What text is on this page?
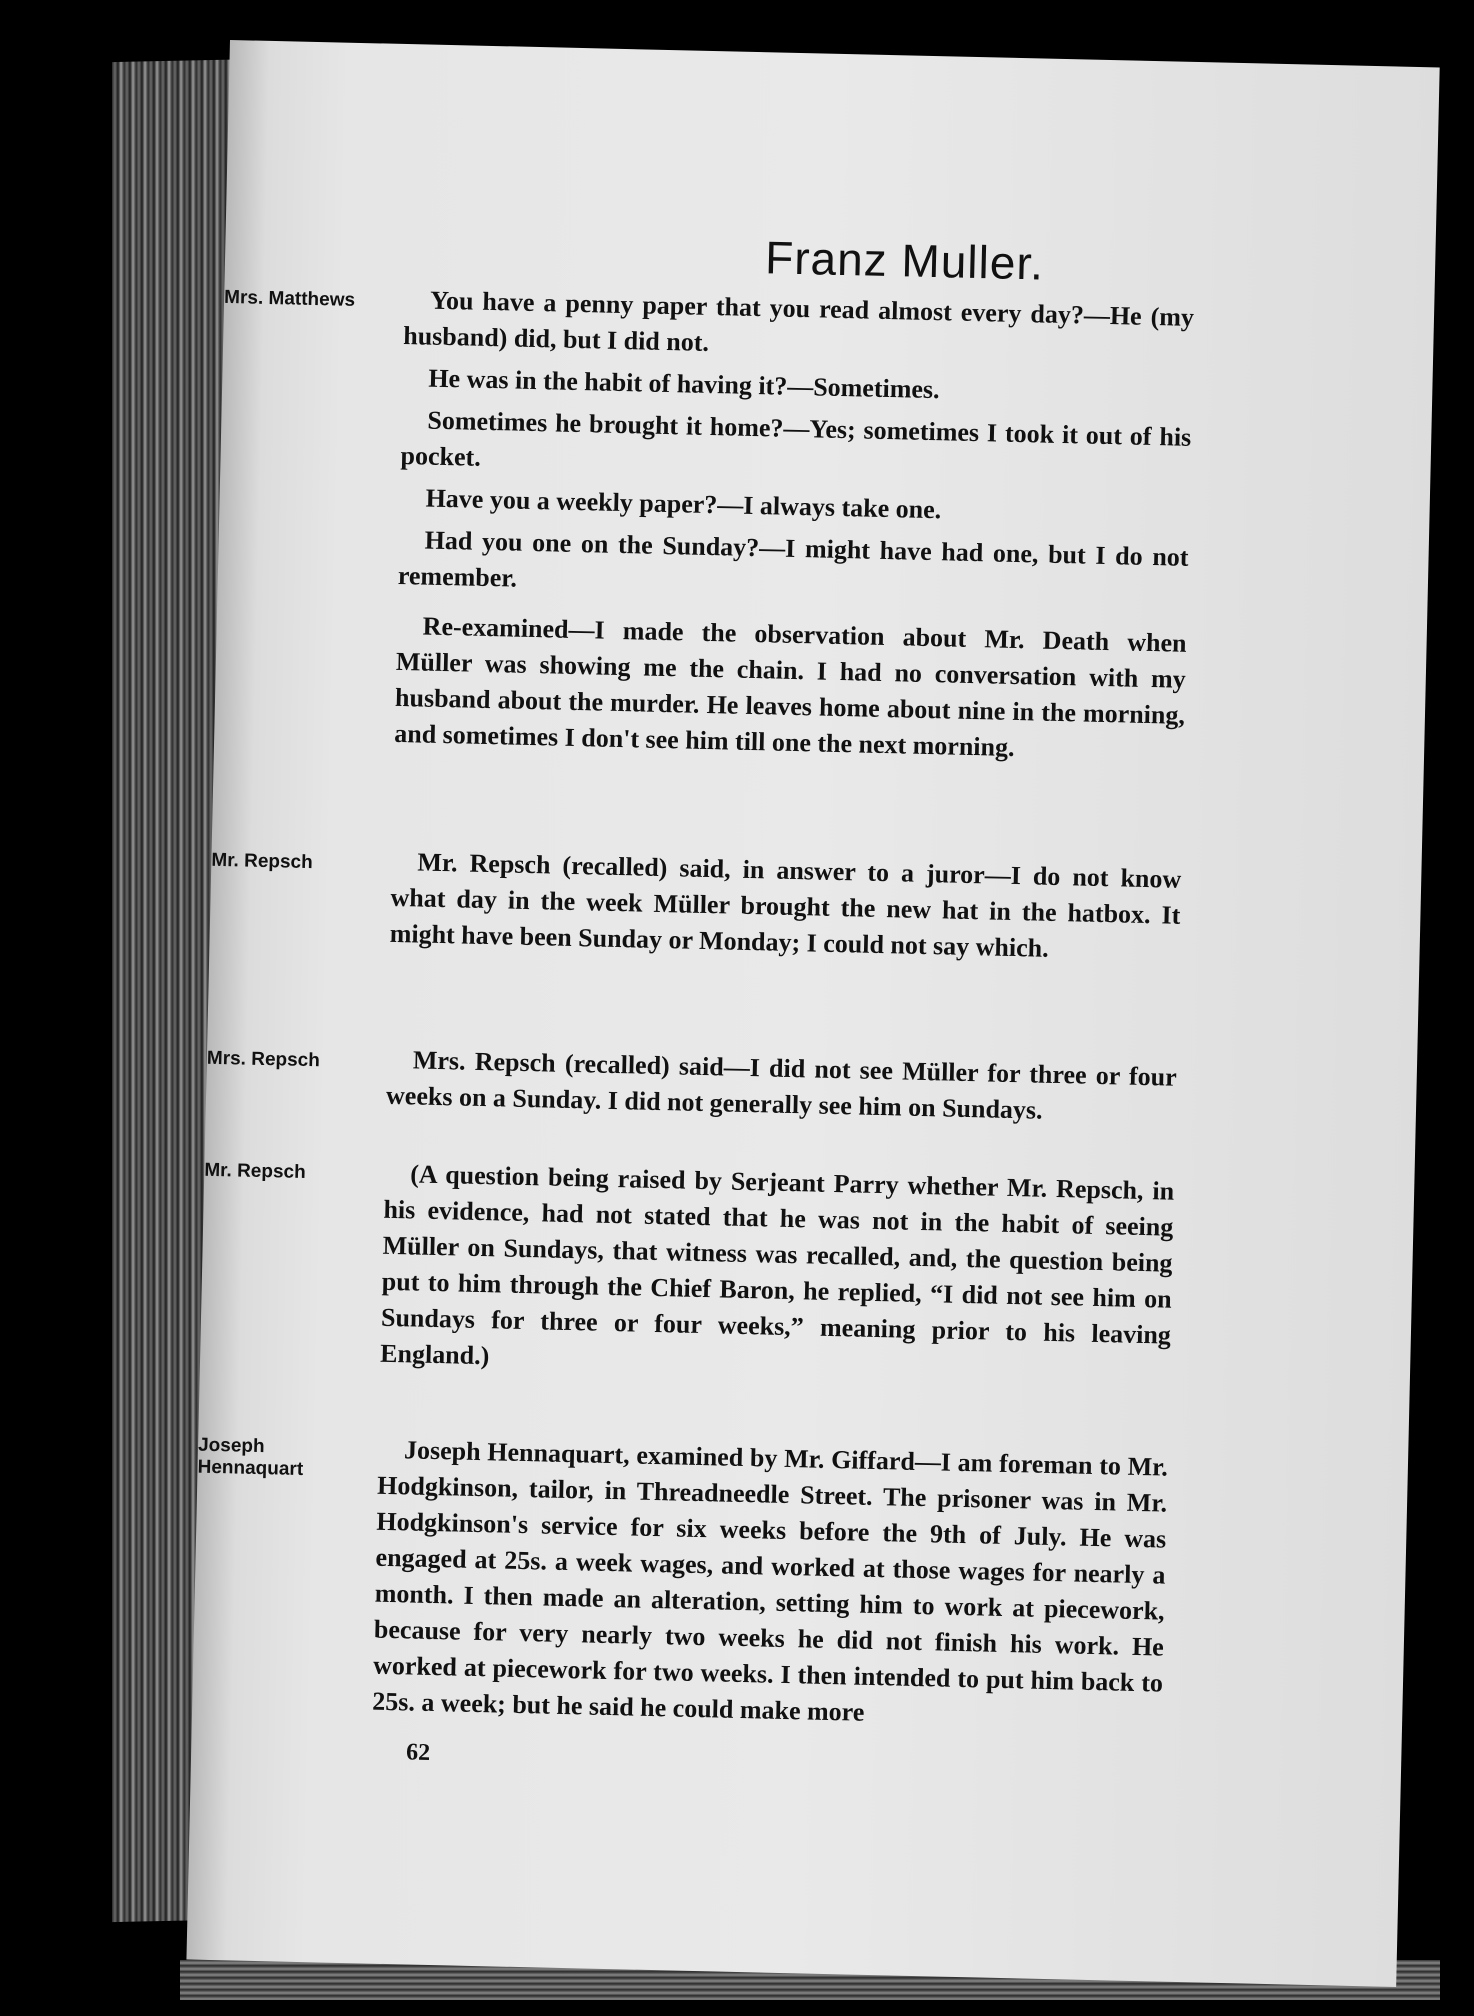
Franz Muller.
Mrs. Matthews	You have a penny paper that you read almost every day?—He (my husband) did, but I did not.

He was in the habit of having it?—Sometimes.

Sometimes he brought it home?—Yes; sometimes I took it out of his pocket.

Have you a weekly paper?—I always take one.

Had you one on the Sunday?—I might have had one, but I do not remember.

Re-examined—I made the observation about Mr. Death when Müller was showing me the chain. I had no conversation with my husband about the murder. He leaves home about nine in the morning, and sometimes I don't see him till one the next morning.

Mr. Repsch	Mr. Repsch (recalled) said, in answer to a juror—I do not know what day in the week Müller brought the new hat in the hatbox. It might have been Sunday or Monday; I could not say which.

Mrs. Repsch	Mrs. Repsch (recalled) said—I did not see Müller for three or four weeks on a Sunday. I did not generally see him on Sundays.

Mr. Repsch	(A question being raised by Serjeant Parry whether Mr. Repsch, in his evidence, had not stated that he was not in the habit of seeing Müller on Sundays, that witness was recalled, and, the question being put to him through the Chief Baron, he replied, “I did not see him on Sundays for three or four weeks,” meaning prior to his leaving England.)

Joseph Hennaquart	Joseph Hennaquart, examined by Mr. Giffard—I am foreman to Mr. Hodgkinson, tailor, in Threadneedle Street. The prisoner was in Mr. Hodgkinson's service for six weeks before the 9th of July. He was engaged at 25s. a week wages, and worked at those wages for nearly a month. I then made an alteration, setting him to work at piecework, because for very nearly two weeks he did not finish his work. He worked at piecework for two weeks. I then intended to put him back to 25s. a week; but he said he could make more

62
